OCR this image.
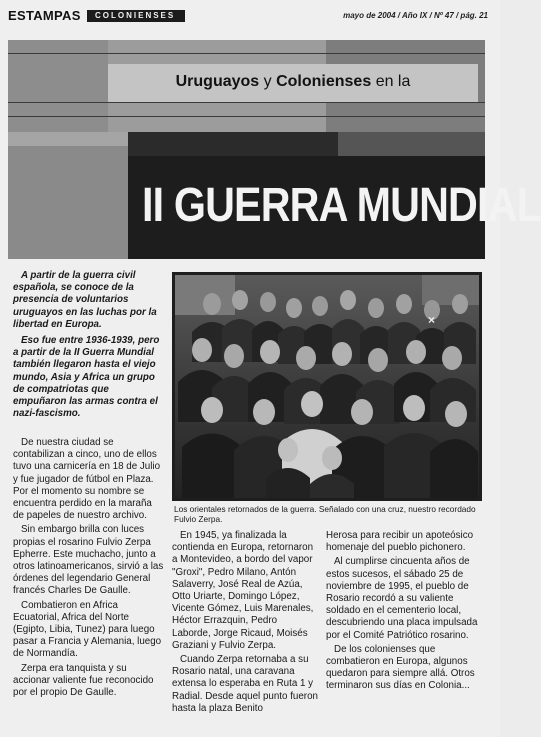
ESTAMPAS	COLONIENSES	mayo de 2004 / Año IX / Nº 47 / pág. 21
Uruguayos y Colonienses en la
II GUERRA MUNDIAL

A partir de la guerra civil española, se conoce de la presencia de voluntarios uruguayos en las luchas por la libertad en Europa.

Eso fue entre 1936-1939, pero a partir de la II Guerra Mundial también llegaron hasta el viejo mundo, Asia y Africa un grupo de compatriotas que empuñaron las armas contra el nazi-fascismo.

De nuestra ciudad se contabilizan a cinco, uno de ellos tuvo una carnicería en 18 de Julio y fue jugador de fútbol en Plaza. Por el momento su nombre se encuentra perdido en la maraña de papeles de nuestro archivo.

Sin embargo brilla con luces propias el rosarino Fulvio Zerpa Epherre. Este muchacho, junto a otros latinoamericanos, sirvió a las órdenes del legendario General francés Charles De Gaulle.

Combatieron en Africa Ecuatorial, Africa del Norte (Egipto, Libia, Tunez) para luego pasar a Francia y Alemania, luego de Normandía.

Zerpa era tanquista y su accionar valiente fue reconocido por el propio De Gaulle.

×
Los orientales retornados de la guerra. Señalado con una cruz, nuestro recordado Fulvio Zerpa.

En 1945, ya finalizada la contienda en Europa, retornaron a Montevideo, a bordo del vapor "Groxi", Pedro Milano, Antón Salaverry, José Real de Azúa, Otto Uriarte, Domingo López, Vicente Gómez, Luis Marenales, Héctor Errazquin, Pedro Laborde, Jorge Ricaud, Moisés Graziani y Fulvio Zerpa.

Cuando Zerpa retornaba a su Rosario natal, una caravana extensa lo esperaba en Ruta 1 y Radial. Desde aquel punto fueron hasta la plaza Benito

Herosa para recibir un apoteósico homenaje del pueblo pichonero.

Al cumplirse cincuenta años de estos sucesos, el sábado 25 de noviembre de 1995, el pueblo de Rosario recordó a su valiente soldado en el cementerio local, descubriendo una placa impulsada por el Comité Patriótico rosarino.

De los colonienses que combatieron en Europa, algunos quedaron para siempre allá. Otros terminaron sus días en Colonia...
